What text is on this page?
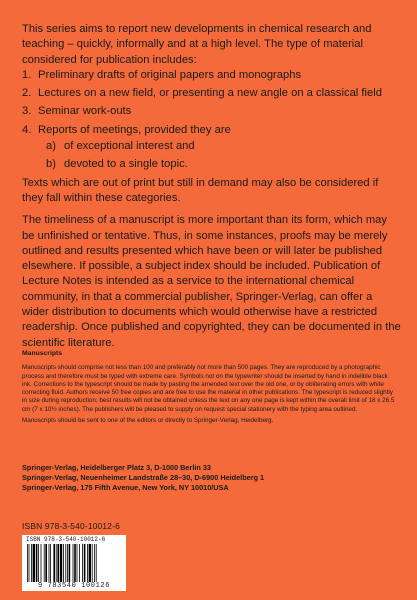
This series aims to report new developments in chemical research and teaching – quickly, informally and at a high level. The type of material considered for publication includes:

1. Preliminary drafts of original papers and monographs
2. Lectures on a new field, or presenting a new angle on a classical field
3. Seminar work-outs
4. Reports of meetings, provided they are
a) of exceptional interest and
b) devoted to a single topic.

Texts which are out of print but still in demand may also be considered if they fall within these categories.

The timeliness of a manuscript is more important than its form, which may be unfinished or tentative. Thus, in some instances, proofs may be merely outlined and results presented which have been or will later be published elsewhere. If possible, a subject index should be included. Publication of Lecture Notes is intended as a service to the international chemical community, in that a commercial publisher, Springer-Verlag, can offer a wider distribution to documents which would otherwise have a restricted readership. Once published and copyrighted, they can be documented in the scientific literature.

Manuscripts

Manuscripts should comprise not less than 100 and preferably not more than 500 pages. They are reproduced by a photographic process and therefore must be typed with extreme care. Symbols not on the typewriter should be inserted by hand in indelible black ink. Corrections to the typescript should be made by pasting the amended text over the old one, or by obliterating errors with white correcting fluid. Authors receive 50 free copies and are free to use the material in other publications. The typescript is reduced slightly in size during reproduction; best results will not be obtained unless the text on any one page is kept within the overall limit of 18 x 26.5 cm (7 x 10½ inches). The publishers will be pleased to supply on request special stationery with the typing area outlined.

Manuscripts should be sent to one of the editors or directly to Springer-Verlag, Heidelberg.

Springer-Verlag, Heidelberger Platz 3, D-1000 Berlin 33
Springer-Verlag, Neuenheimer Landstraße 28–30, D-6900 Heidelberg 1
Springer-Verlag, 175 Fifth Avenue, New York, NY 10010/USA
ISBN 978-3-540-10012-6
ISBN 978-3-540-10012-6
9 783540 100126
